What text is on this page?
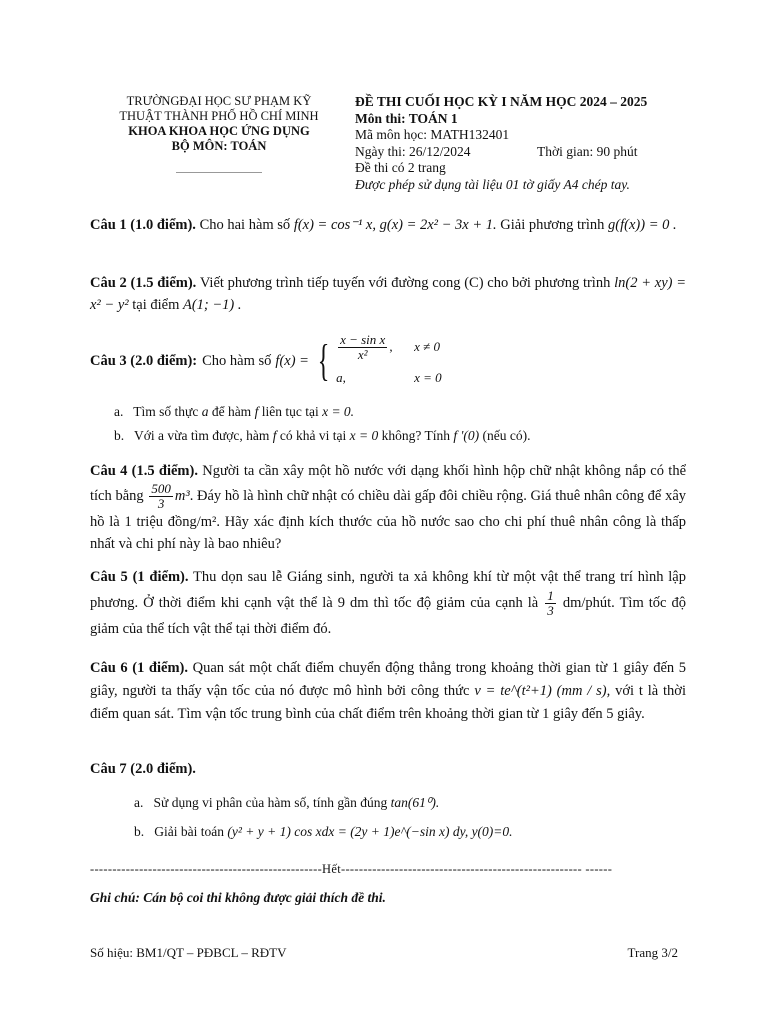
TRƯỜNGĐẠI HỌC SƯ PHẠM KỸ
THUẬT THÀNH PHỐ HỒ CHÍ MINH
KHOA KHOA HỌC ỨNG DỤNG
BỘ MÔN: TOÁN
ĐỀ THI CUỐI HỌC KỲ I NĂM HỌC 2024 – 2025
Môn thi: TOÁN 1
Mã môn học: MATH132401
Ngày thi: 26/12/2024	Thời gian: 90 phút
Đề thi có 2 trang
Được phép sử dụng tài liệu 01 tờ giấy A4 chép tay.
Câu 1 (1.0 điểm). Cho hai hàm số f(x) = cos⁻¹ x, g(x) = 2x² − 3x + 1. Giải phương trình g(f(x)) = 0 .
Câu 2 (1.5 điểm). Viết phương trình tiếp tuyến với đường cong (C) cho bởi phương trình ln(2 + xy) = x² − y² tại điểm A(1; −1) .
Câu 3 (2.0 điểm): Cho hàm số f(x) = { $\frac{\text{x − sin x}}{\text{x²}}$ ,	x ≠ 0
a,	x = 0
a. Tìm số thực a để hàm f liên tục tại x = 0.
b. Với a vừa tìm được, hàm f có khả vi tại x = 0 không? Tính f '(0) (nếu có).
Câu 4 (1.5 điểm). Người ta cần xây một hồ nước với dạng khối hình hộp chữ nhật không nắp có thể tích bằng $\frac{500}{3} m^3$. Đáy hồ là hình chữ nhật có chiều dài gấp đôi chiều rộng. Giá thuê nhân công để xây hồ là 1 triệu đồng/m². Hãy xác định kích thước của hồ nước sao cho chi phí thuê nhân công là thấp nhất và chi phí này là bao nhiêu?
Câu 5 (1 điểm). Thu dọn sau lễ Giáng sinh, người ta xả không khí từ một vật thể trang trí hình lập phương. Ở thời điểm khi cạnh vật thể là 9 dm thì tốc độ giảm của cạnh là $\frac{1}{3}$ dm/phút. Tìm tốc độ giảm của thể tích vật thể tại thời điểm đó.
Câu 6 (1 điểm). Quan sát một chất điểm chuyển động thẳng trong khoảng thời gian từ 1 giây đến 5 giây, người ta thấy vận tốc của nó được mô hình bởi công thức v = te^(t²+1) (mm / s), với t là thời điểm quan sát. Tìm vận tốc trung bình của chất điểm trên khoảng thời gian từ 1 giây đến 5 giây.
Câu 7 (2.0 điểm).
a. Sử dụng vi phân của hàm số, tính gần đúng tan(61⁰).
b. Giải bài toán (y² + y + 1) cos xdx = (2y + 1)e^(−sin x) dy, y(0)=0.
----------------------------------------------------Hết------------------------------------------------------ ------
Ghi chú: Cán bộ coi thi không được giải thích đề thi.
Số hiệu: BM1/QT – PĐBCL – RĐTV	Trang 3/2
